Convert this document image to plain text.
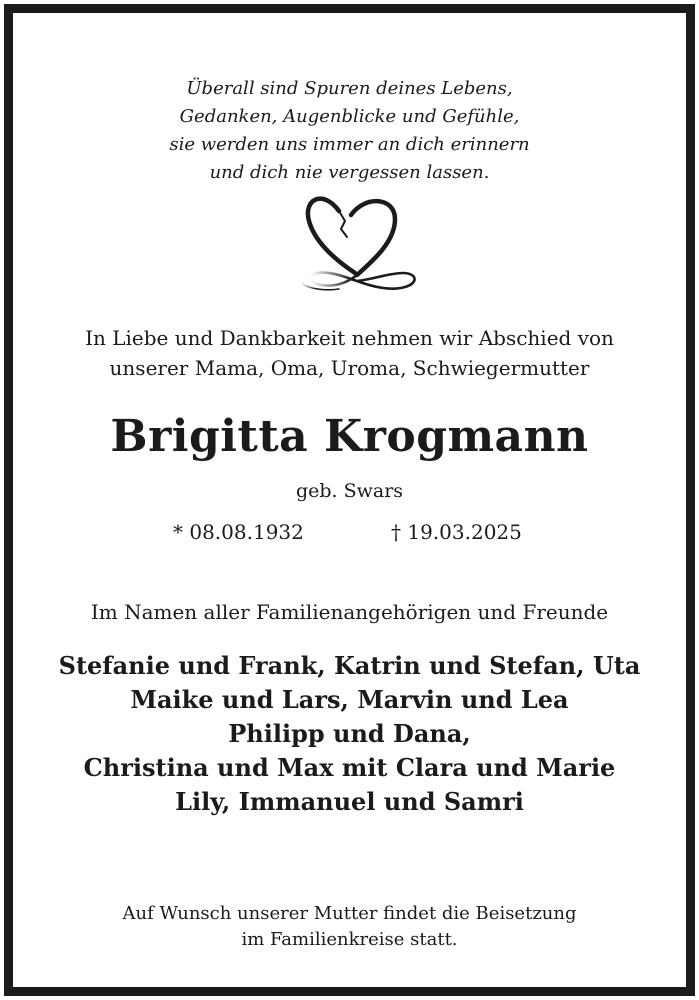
Überall sind Spuren deines Lebens,
Gedanken, Augenblicke und Gefühle,
sie werden uns immer an dich erinnern
und dich nie vergessen lassen.
In Liebe und Dankbarkeit nehmen wir Abschied von
unserer Mama, Oma, Uroma, Schwiegermutter
Brigitta Krogmann
geb. Swars
* 08.08.1932	† 19.03.2025
Im Namen aller Familienangehörigen und Freunde
Stefanie und Frank, Katrin und Stefan, Uta
Maike und Lars, Marvin und Lea
Philipp und Dana,
Christina und Max mit Clara und Marie
Lily, Immanuel und Samri
Auf Wunsch unserer Mutter findet die Beisetzung
im Familienkreise statt.
